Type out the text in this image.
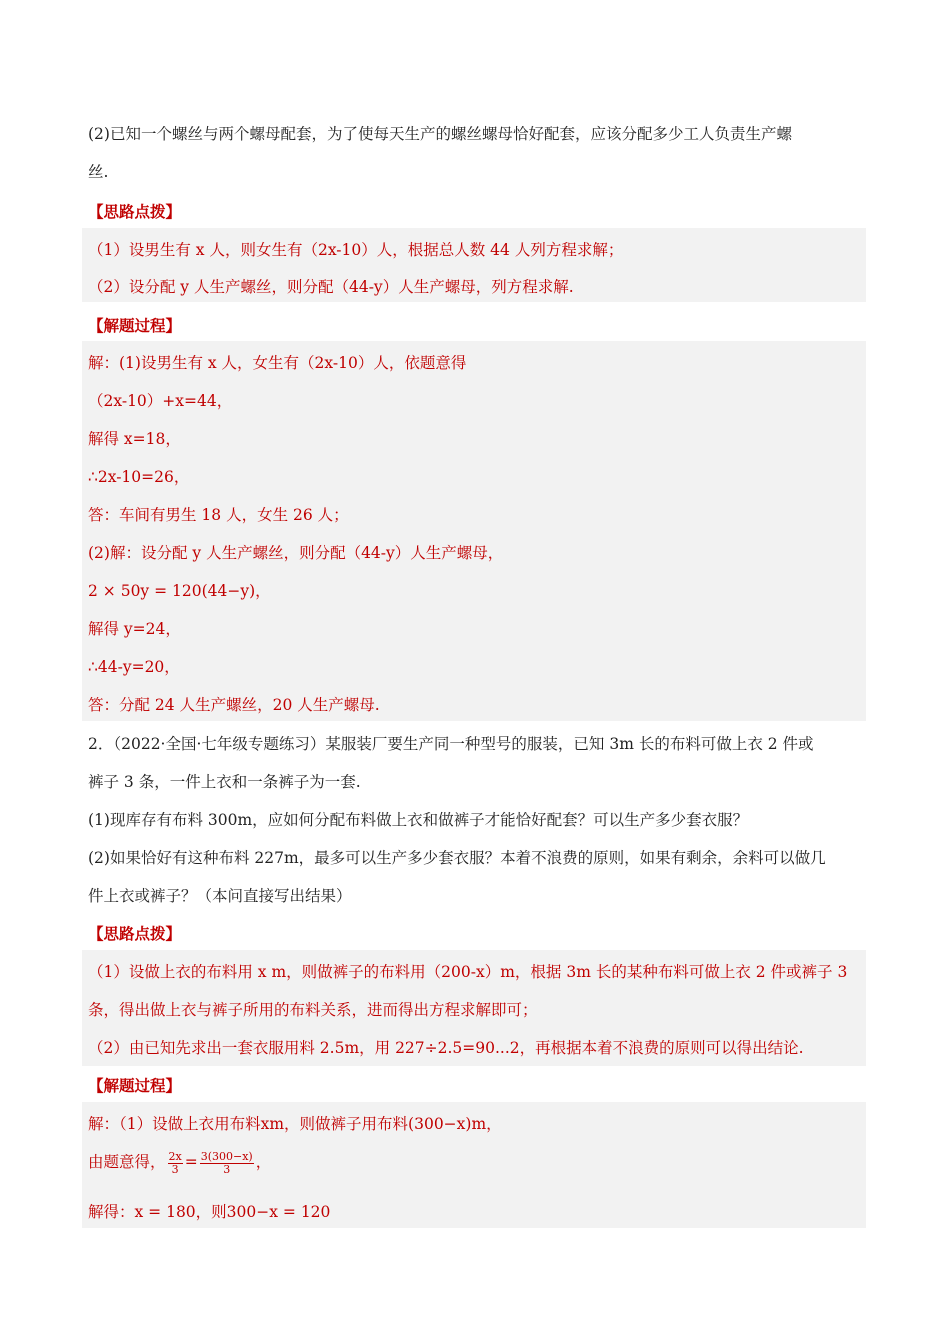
(2)已知一个螺丝与两个螺母配套，为了使每天生产的螺丝螺母恰好配套，应该分配多少工人负责生产螺
丝.
【思路点拨】
（1）设男生有 x 人，则女生有（2x-10）人，根据总人数 44 人列方程求解；
（2）设分配 y 人生产螺丝，则分配（44-y）人生产螺母，列方程求解.
【解题过程】
解：(1)设男生有 x 人，女生有（2x-10）人，依题意得
（2x-10）+x=44，
解得 x=18，
∴2x-10=26，
答：车间有男生 18 人，女生 26 人；
(2)解：设分配 y 人生产螺丝，则分配（44-y）人生产螺母，
2 × 50y = 120(44−y)，
解得 y=24，
∴44-y=20，
答：分配 24 人生产螺丝，20 人生产螺母.
2．（2022·全国·七年级专题练习）某服装厂要生产同一种型号的服装，已知 3m 长的布料可做上衣 2 件或
裤子 3 条，一件上衣和一条裤子为一套.
(1)现库存有布料 300m，应如何分配布料做上衣和做裤子才能恰好配套？可以生产多少套衣服？
(2)如果恰好有这种布料 227m，最多可以生产多少套衣服？本着不浪费的原则，如果有剩余，余料可以做几
件上衣或裤子？（本问直接写出结果）
【思路点拨】
（1）设做上衣的布料用 x m，则做裤子的布料用（200-x）m，根据 3m 长的某种布料可做上衣 2 件或裤子 3
条，得出做上衣与裤子所用的布料关系，进而得出方程求解即可；
（2）由已知先求出一套衣服用料 2.5m，用 227÷2.5=90...2，再根据本着不浪费的原则可以得出结论.
【解题过程】
解：（1）设做上衣用布料xm，则做裤子用布料(300−x)m，
由题意得， $\frac{2x}{3} = \frac{3(300-x)}{3}$ ，
解得：x = 180，则300−x = 120
